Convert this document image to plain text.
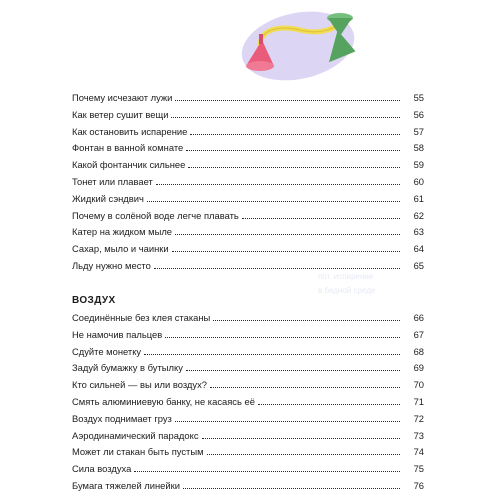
пот. испарение
в бедной среде
Почему исчезают лужи	55
Как ветер сушит вещи	56
Как остановить испарение	57
Фонтан в ванной комнате	58
Какой фонтанчик сильнее	59
Тонет или плавает	60
Жидкий сэндвич	61
Почему в солёной воде легче плавать	62
Катер на жидком мыле	63
Сахар, мыло и чаинки	64
Льду нужно место	65
ВОЗДУХ
Соединённые без клея стаканы	66
Не намочив пальцев	67
Сдуйте монетку	68
Задуй бумажку в бутылку	69
Кто сильней — вы или воздух?	70
Смять алюминиевую банку, не касаясь её	71
Воздух поднимает груз	72
Аэродинамический парадокс	73
Может ли стакан быть пустым	74
Сила воздуха	75
Бумага тяжелей линейки	76
